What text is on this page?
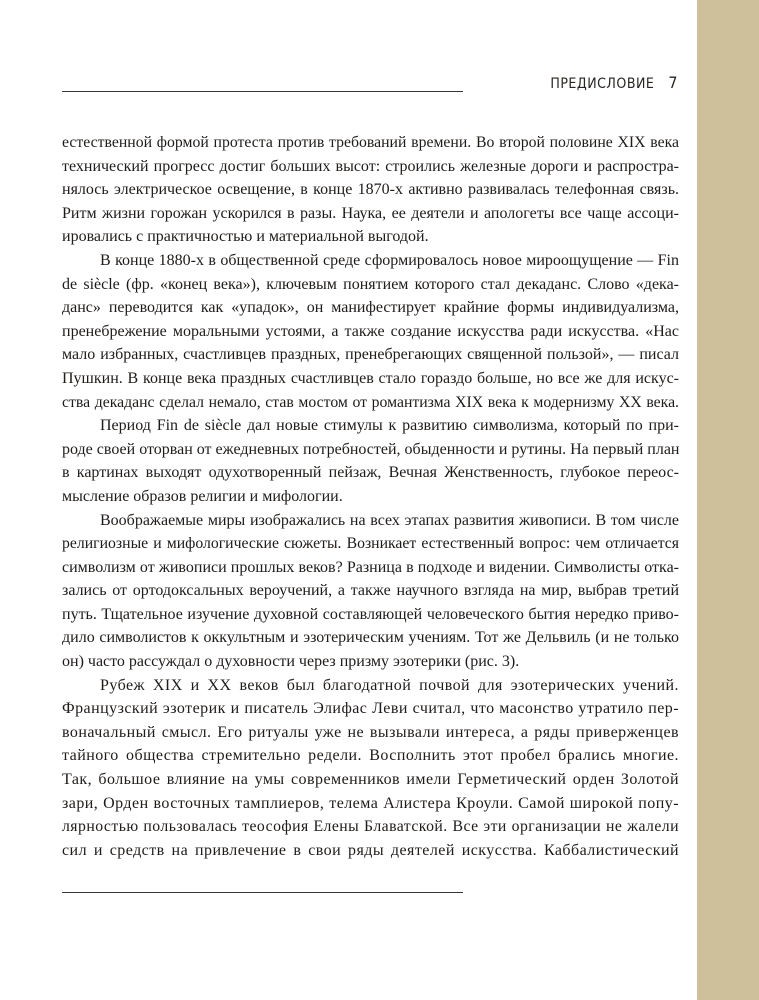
ПРЕДИСЛОВИЕ 7
естественной формой протеста против требований времени. Во второй половине XIX века
технический прогресс достиг больших высот: строились железные дороги и распростра-
нялось электрическое освещение, в конце 1870-х активно развивалась телефонная связь.
Ритм жизни горожан ускорился в разы. Наука, ее деятели и апологеты все чаще ассоци-
ировались с практичностью и материальной выгодой.
В конце 1880-х в общественной среде сформировалось новое мироощущение — Fin
de siècle (фр. «конец века»), ключевым понятием которого стал декаданс. Слово «дека-
данс» переводится как «упадок», он манифестирует крайние формы индивидуализма,
пренебрежение моральными устоями, а также создание искусства ради искусства. «Нас
мало избранных, счастливцев праздных, пренебрегающих священной пользой», — писал
Пушкин. В конце века праздных счастливцев стало гораздо больше, но все же для искус-
ства декаданс сделал немало, став мостом от романтизма XIX века к модернизму XX века.
Период Fin de siècle дал новые стимулы к развитию символизма, который по при-
роде своей оторван от ежедневных потребностей, обыденности и рутины. На первый план
в картинах выходят одухотворенный пейзаж, Вечная Женственность, глубокое переос-
мысление образов религии и мифологии.
Воображаемые миры изображались на всех этапах развития живописи. В том числе
религиозные и мифологические сюжеты. Возникает естественный вопрос: чем отличается
символизм от живописи прошлых веков? Разница в подходе и видении. Символисты отка-
зались от ортодоксальных вероучений, а также научного взгляда на мир, выбрав третий
путь. Тщательное изучение духовной составляющей человеческого бытия нередко приво-
дило символистов к оккультным и эзотерическим учениям. Тот же Дельвиль (и не только
он) часто рассуждал о духовности через призму эзотерики (рис. 3).
Рубеж XIX и XX веков был благодатной почвой для эзотерических учений.
Французский эзотерик и писатель Элифас Леви считал, что масонство утратило пер-
воначальный смысл. Его ритуалы уже не вызывали интереса, а ряды приверженцев
тайного общества стремительно редели. Восполнить этот пробел брались многие.
Так, большое влияние на умы современников имели Герметический орден Золотой
зари, Орден восточных тамплиеров, телема Алистера Кроули. Самой широкой попу-
лярностью пользовалась теософия Елены Блаватской. Все эти организации не жалели
сил и средств на привлечение в свои ряды деятелей искусства. Каббалистический
